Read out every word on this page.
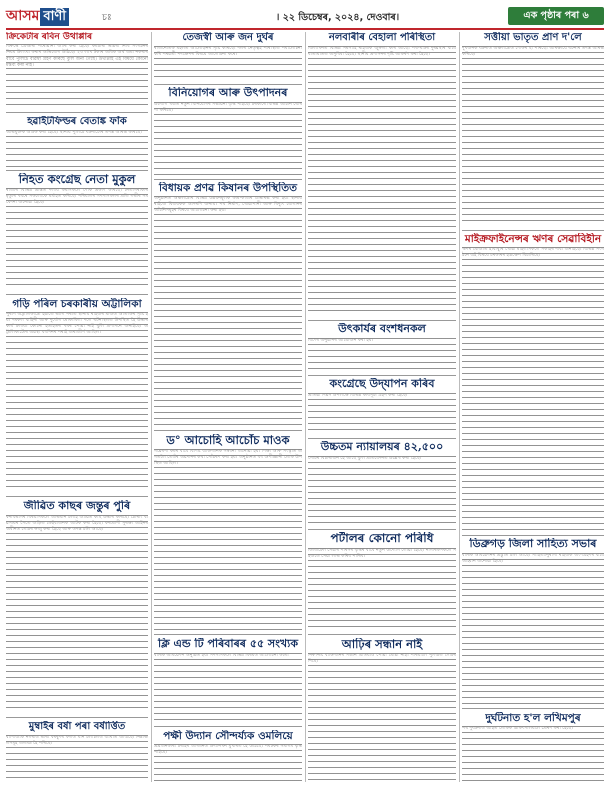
আসম বাণী	চঃ	। ২২ ডিচেম্বৰ, ২০২৪, দেওবাৰ।	এক পৃষ্ঠাৰ পৰা ৬
ক্ৰিকেটাৰ ৰবিন উথাপ্পাৰ
বিৰুদ্ধে গ্ৰেপ্তাৰী পৰোৱানা জাৰি কৰা হৈছে। কৰ্মচাৰী ভৱিষ্য নিধি সংগঠনৰ নিয়ম উলংঘা কৰাৰ অভিযোগ উঠিছে। ২৩ লাখ টকাৰ অধিক অৰ্থ জমা নকৰাৰ বাবে পুলিচে ব্যৱস্থা গ্ৰহণ কৰিছে বুলি জনা গৈছে। উথাপ্পাই এই বিষয়ে কোনো মন্তব্য কৰা নাই।
হৱাইটফিল্ডৰ বেতাঙ্ক ফাঁক
অভিযুক্তক আটক কৰা হৈছে। স্থানীয় পুলিচে ঘটনাটোৰ তদন্ত আৰম্ভ কৰিছে।
নিহত কংগ্ৰেছ নেতা মুকুল
ৰাজ্যৰ বিভিন্ন প্ৰান্তত দলীয় কৰ্মীসকলে শোক প্ৰকাশ কৰিছে। নেতাগৰাকীৰ মৃত্যুৰ খবৰে সকলোকে মৰ্মাহত কৰিছে। পৰিয়ালৰ সদস্যসকলৰ প্ৰতি গভীৰ সমবেদনা জনোৱা হৈছে।
গড়ি পৰিল চৰকাৰীয় অট্টালিকা
পুৰণি অট্টালিকাটো হঠাতে ভাগি পৰাত স্থানীয় ৰাইজৰ মাজত আতংকৰ সৃষ্টি হয়। দমকল বাহিনী আৰু দুৰ্যোগ মোকাবিলা দলে ঘটনাস্থলত উপস্থিত হৈ উদ্ধাৰ কাৰ্য চলায়। কোনো হতাহতৰ খবৰ পোৱা নাই বুলি প্ৰশাসনে জনাইছে। অট্টালিকাটোৰ অৱস্থা বহুদিনৰ পৰাই জৰাজীৰ্ণ আছিল।
জীৱিত কাছৰ জন্তুৰ পুৰি
বনবিভাগৰ বিষয়াসকলে অভিযান চলাই জীৱিত কাছ উদ্ধাৰ কৰিছে। চোৰাং ব্যৱসায়ৰ সৈতে জড়িত কেইবাজনক আটক কৰা হৈছে। বন্যপ্ৰাণী সুৰক্ষা আইনৰ অধীনত গোচৰ ৰুজু কৰা হৈছে আৰু তদন্ত চলি আছে।
মুম্বাইৰ বৰ্ষা পৰা বৰ্ষাৰ্ত্তিত
বাণিজ্যিক নগৰীত ভাৰী বৰষুণৰ ফলত যান চলাচলত ব্যাঘাত জন্মিছে। নিম্নাঞ্চলসমূহ জলমগ্ন হৈ পৰিছে।
তেজস্বী আৰু জন দুৰ্ঘৰ
ৰাজনৈতিক মহলত আলোড়নৰ সৃষ্টি কৰিছে। দলৰ নেতৃত্বই পৰিস্থিতি পৰ্যালোচনা কৰি পৰৱৰ্তী পদক্ষেপৰ বিষয়ে আলোচনা কৰে।
বিনিয়োগৰ আৰু উৎপাদনৰ
উদ্যোগ খণ্ডত নতুন বিনিয়োগৰ সম্ভাৱনা বৃদ্ধি পাইছে। চৰকাৰে বিভিন্ন আঁচনি ঘোষণা কৰিছে।
বিধায়ক প্ৰণৱ কিষানৰ উপস্থিতিত
অনুষ্ঠানত অঞ্চলটোৰ বিভিন্ন উন্নয়নমূলক কাম-কাজৰ শুভাৰম্ভ কৰা হয়। স্থানীয় ৰাইজে বিধায়কক আদৰণি জনায়। পথ নিৰ্মাণ, খোৱাপানী আৰু বিদ্যুৎ যোগানৰ আঁচনিসমূহৰ বিষয়ে আলোচনা কৰা হয়।
ড° আচোহি আচোঁচ মাওক
গৱেষণা কৰ্মৰ বাবে বিশিষ্ট ব্যক্তিজনক সম্বৰ্ধনা জনোৱা হয়। শিক্ষা আৰু সংস্কৃতি জগতলৈ তেওঁৰ অৱদানৰ কথা সোঁৱৰণ কৰা হয়। অনুষ্ঠানত বহু গুণীজ্ঞানী লোক উপস্থিত আছিল।
ক্লি এন্ড টি পৰিবাৰৰ ৫৫ সংখ্যক
বাৰ্ষিক অধিৱেশন অনুষ্ঠিত হয়। সদস্যসকলে বিভিন্ন বিষয়ত আলোচনা কৰে।
পক্ষী উদ্যান সৌন্দৰ্য্যক ওমলিয়ে
প্ৰব্ৰজনকাৰী চৰাইৰ আগমনত উদ্যানখন মুখৰিত হৈ উঠিছে। পৰ্যটকৰ সমাগম বৃদ্ধি পাইছে।
নলবাৰীৰ বেহালা পৰিস্থিতা
জিলাখনত বিভিন্ন সমস্যাই ৰাইজক জুৰুলা কৰি আছে। পথ-ঘাটৰ দুৰৱস্থাৰ বাবে যাতায়াতত অসুবিধা হৈছে। স্থানীয় প্ৰশাসনৰ দৃষ্টি আকৰ্ষণ কৰা হৈছে।
উৎকাৰ্যৰ বংশধনকল
বিশেষ অনুষ্ঠানৰ আয়োজন কৰা হয়।
কংগ্ৰেছে উদ্‌যাপন কৰিব
প্ৰতিষ্ঠা দিৱস উপলক্ষে বিভিন্ন কাৰ্যসূচী গ্ৰহণ কৰা হৈছে।
উচ্চতম ন্যায়ালয়ৰ ৪২,৫০০
গোচৰ বিচাৰাধীন হৈ আছে বুলি প্ৰতিবেদনত উল্লেখ কৰা হৈছে।
পৰ্টালৰ কোনো পৰিধি
ডিজিটেল সেৱাৰ পৰিসৰ বৃদ্ধিৰ বাবে নতুন উদ্যোগ লোৱা হৈছে। নাগৰিকসকলে সহজতে সেৱা লাভ কৰিব পাৰিব।
আঢ়িৰ সন্ধান নাই
নিৰুদ্দিষ্ট ব্যক্তিজনৰ সন্ধান এতিয়াও পোৱা যোৱা নাই। পৰিয়ালে পুলিচত গোচৰ দিছে।
সত্তীয়া ভাতৃত প্ৰাণ দ'লে
দুখজনক ঘটনাত অঞ্চলটোত শোকৰ ছাঁ পৰিছে। আৰক্ষীয়ে ঘটনাৰ তদন্ত আৰম্ভ কৰিছে।
মাইক্ৰফাইনেন্সৰ ঋণৰ সেৱাবিহীন
ঋণৰ বোজাত হাবাথুৰি খোৱা মহিলাসকলে সকাহৰ দাবী জনাইছে। বিভিন্ন সংগঠনে এই বিষয়ে চৰকাৰৰ হস্তক্ষেপ বিচাৰিছে।
ডিব্ৰুগড় জিলা সাহিত্য সভাৰ
বাৰ্ষিক অধিৱেশনৰ প্ৰস্তুতি চলি আছে। সাহিত্যানুৰাগী ৰাইজক অংশগ্ৰহণৰ বাবে আহ্বান জনোৱা হৈছে।
দুৰ্ঘটনাত হ'ল লখিমপুৰ
পথ দুৰ্ঘটনাত আহত লোকক চিকিৎসালয়লৈ প্ৰেৰণ কৰা হৈছে।
